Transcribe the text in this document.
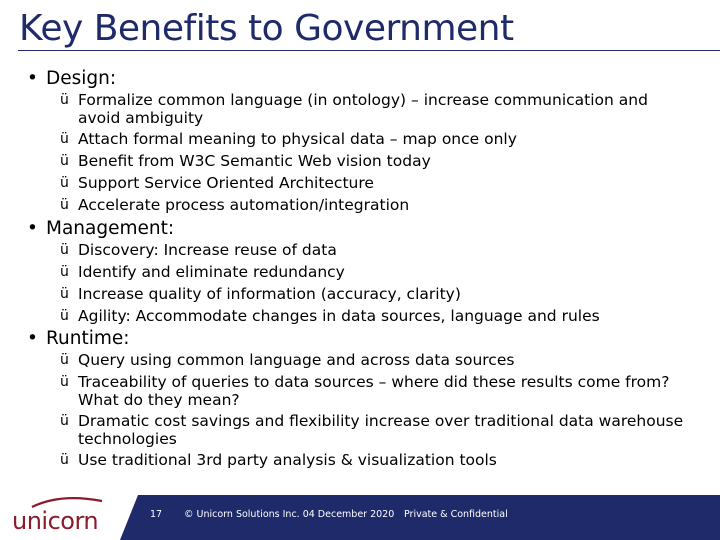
Key Benefits to Government
• Design:
ü Formalize common language (in ontology) – increase communication and
avoid ambiguity
ü Attach formal meaning to physical data – map once only
ü Benefit from W3C Semantic Web vision today
ü Support Service Oriented Architecture
ü Accelerate process automation/integration
• Management:
ü Discovery: Increase reuse of data
ü Identify and eliminate redundancy
ü Increase quality of information (accuracy, clarity)
ü Agility: Accommodate changes in data sources, language and rules
• Runtime:
ü Query using common language and across data sources
ü Traceability of queries to data sources – where did these results come from?
What do they mean?
ü Dramatic cost savings and flexibility increase over traditional data warehouse
technologies
ü Use traditional 3rd party analysis & visualization tools
17 © Unicorn Solutions Inc. 04 December 2020 Private & Confidential
unicorn
